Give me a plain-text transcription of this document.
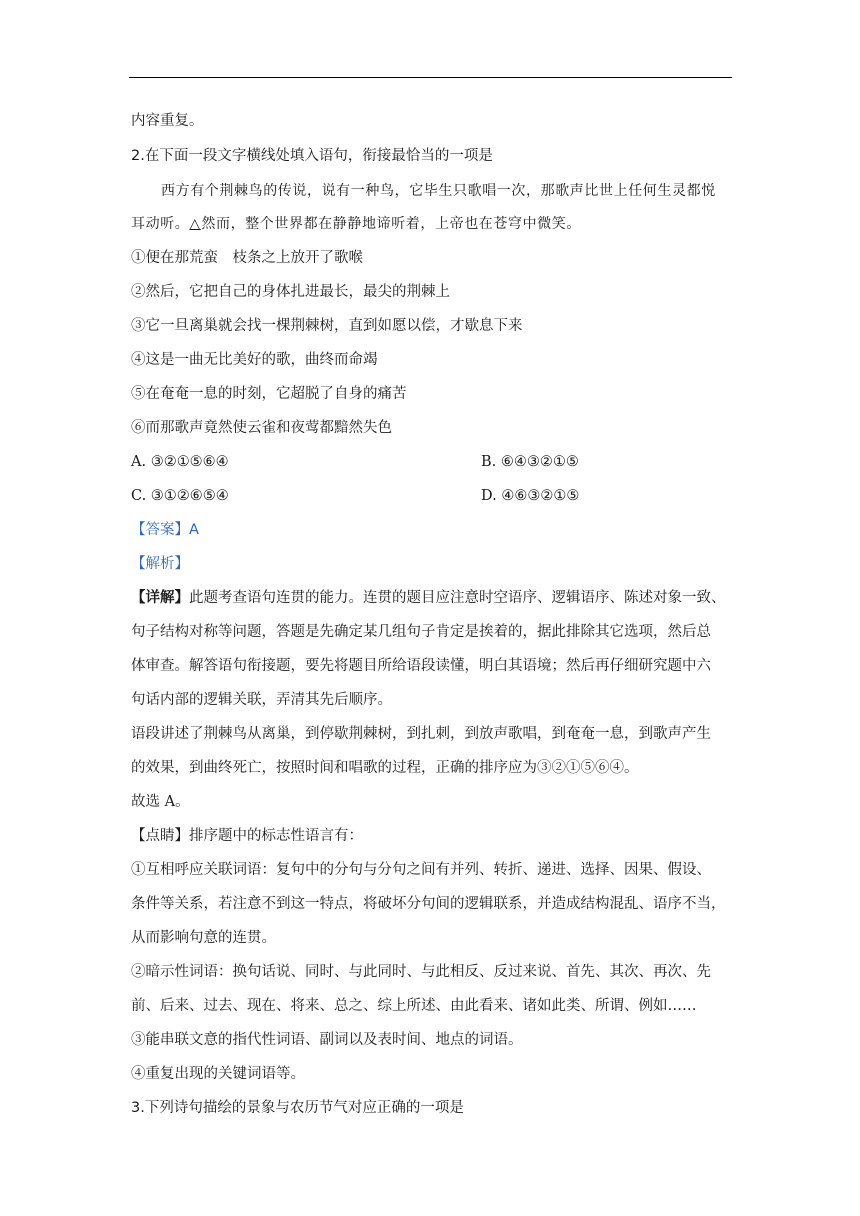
内容重复。
2.在下面一段文字横线处填入语句，衔接最恰当的一项是
西方有个荆棘鸟的传说，说有一种鸟，它毕生只歌唱一次，那歌声比世上任何生灵都悦
耳动听。△然而，整个世界都在静静地谛听着，上帝也在苍穹中微笑。
①便在那荒蛮　枝条之上放开了歌喉
②然后，它把自己的身体扎进最长，最尖的荆棘上
③它一旦离巢就会找一棵荆棘树，直到如愿以偿，才歇息下来
④这是一曲无比美好的歌，曲终而命竭
⑤在奄奄一息的时刻，它超脱了自身的痛苦
⑥而那歌声竟然使云雀和夜莺都黯然失色
A. ③②①⑤⑥④	B. ⑥④③②①⑤
C. ③①②⑥⑤④	D. ④⑥③②①⑤
【答案】A
【解析】
【详解】此题考查语句连贯的能力。连贯的题目应注意时空语序、逻辑语序、陈述对象一致、
句子结构对称等问题，答题是先确定某几组句子肯定是挨着的，据此排除其它选项，然后总
体审查。解答语句衔接题，要先将题目所给语段读懂，明白其语境；然后再仔细研究题中六
句话内部的逻辑关联，弄清其先后顺序。
语段讲述了荆棘鸟从离巢，到停歇荆棘树，到扎刺，到放声歌唱，到奄奄一息，到歌声产生
的效果，到曲终死亡，按照时间和唱歌的过程，正确的排序应为③②①⑤⑥④。
故选 A。
【点睛】排序题中的标志性语言有：
①互相呼应关联词语：复句中的分句与分句之间有并列、转折、递进、选择、因果、假设、
条件等关系，若注意不到这一特点，将破坏分句间的逻辑联系，并造成结构混乱、语序不当，
从而影响句意的连贯。
②暗示性词语：换句话说、同时、与此同时、与此相反、反过来说、首先、其次、再次、先
前、后来、过去、现在、将来、总之、综上所述、由此看来、诸如此类、所谓、例如……
③能串联文意的指代性词语、副词以及表时间、地点的词语。
④重复出现的关键词语等。
3.下列诗句描绘的景象与农历节气对应正确的一项是
